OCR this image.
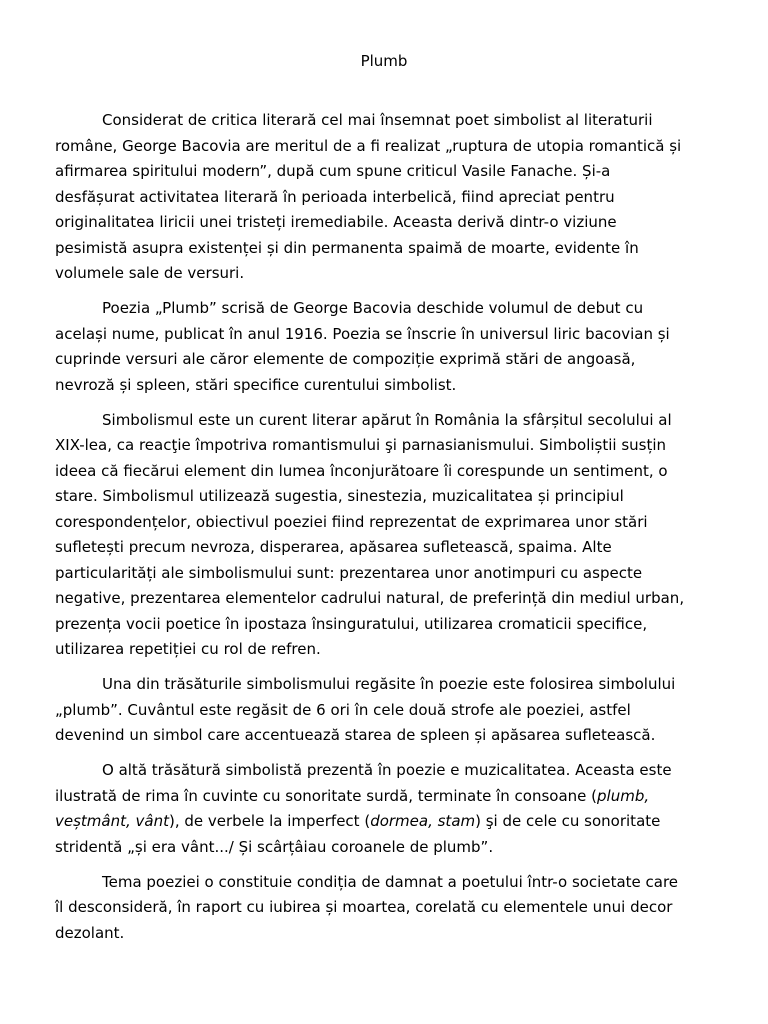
Plumb

Considerat de critica literară cel mai însemnat poet simbolist al literaturii
române, George Bacovia are meritul de a fi realizat „ruptura de utopia romantică și
afirmarea spiritului modern”, după cum spune criticul Vasile Fanache. Și-a
desfășurat activitatea literară în perioada interbelică, fiind apreciat pentru
originalitatea liricii unei tristeți iremediabile. Aceasta derivă dintr-o viziune
pesimistă asupra existenței și din permanenta spaimă de moarte, evidente în
volumele sale de versuri.

Poezia „Plumb” scrisă de George Bacovia deschide volumul de debut cu
același nume, publicat în anul 1916. Poezia se înscrie în universul liric bacovian și
cuprinde versuri ale căror elemente de compoziție exprimă stări de angoasă,
nevroză și spleen, stări specifice curentului simbolist.

Simbolismul este un curent literar apărut în România la sfârșitul secolului al
XIX-lea, ca reacţie împotriva romantismului şi parnasianismului. Simboliștii susțin
ideea că fiecărui element din lumea înconjurătoare îi corespunde un sentiment, o
stare. Simbolismul utilizează sugestia, sinestezia, muzicalitatea și principiul
corespondențelor, obiectivul poeziei fiind reprezentat de exprimarea unor stări
sufletești precum nevroza, disperarea, apăsarea sufletească, spaima. Alte
particularități ale simbolismului sunt: prezentarea unor anotimpuri cu aspecte
negative, prezentarea elementelor cadrului natural, de preferință din mediul urban,
prezența vocii poetice în ipostaza însinguratului, utilizarea cromaticii specifice,
utilizarea repetiției cu rol de refren.

Una din trăsăturile simbolismului regăsite în poezie este folosirea simbolului
„plumb”. Cuvântul este regăsit de 6 ori în cele două strofe ale poeziei, astfel
devenind un simbol care accentuează starea de spleen și apăsarea sufletească.

O altă trăsătură simbolistă prezentă în poezie e muzicalitatea. Aceasta este
ilustrată de rima în cuvinte cu sonoritate surdă, terminate în consoane (plumb,
veștmânt, vânt), de verbele la imperfect (dormea, stam) şi de cele cu sonoritate
stridentă „și era vânt.../ Și scârțâiau coroanele de plumb”.

Tema poeziei o constituie condiția de damnat a poetului într-o societate care
îl desconsideră, în raport cu iubirea și moartea, corelată cu elementele unui decor
dezolant.
